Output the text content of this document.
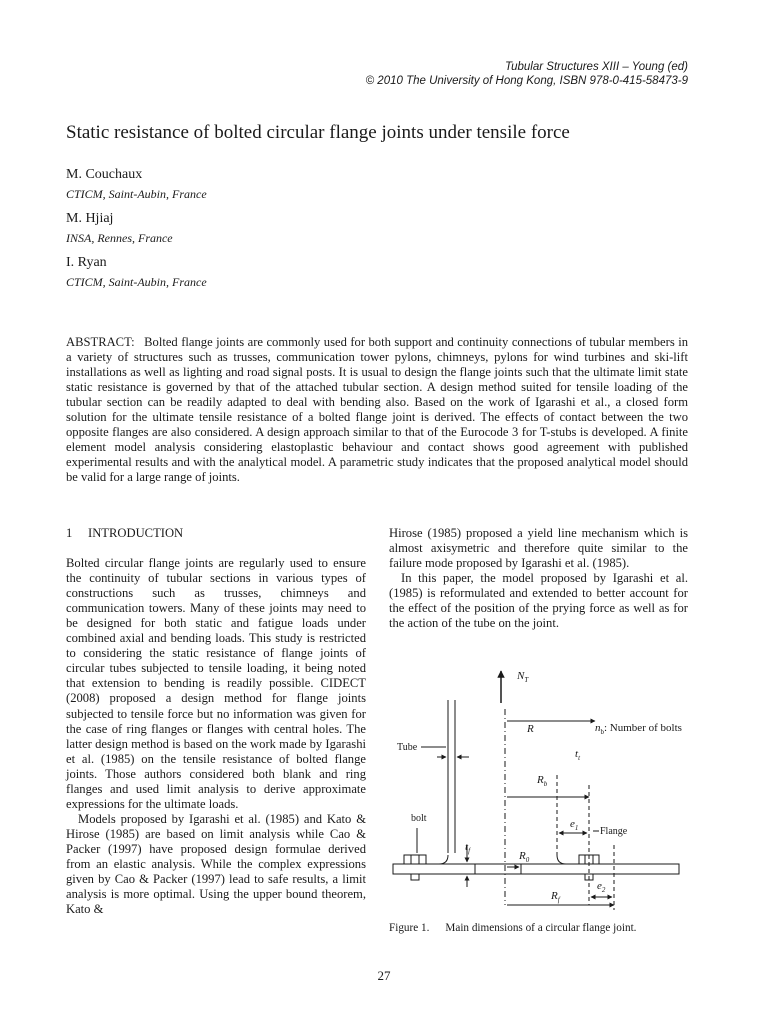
Tubular Structures XIII – Young (ed)
© 2010 The University of Hong Kong, ISBN 978-0-415-58473-9
Static resistance of bolted circular flange joints under tensile force
M. Couchaux
CTICM, Saint-Aubin, France
M. Hjiaj
INSA, Rennes, France
I. Ryan
CTICM, Saint-Aubin, France
ABSTRACT: Bolted flange joints are commonly used for both support and continuity connections of tubular members in a variety of structures such as trusses, communication tower pylons, chimneys, pylons for wind turbines and ski-lift installations as well as lighting and road signal posts. It is usual to design the flange joints such that the ultimate limit state static resistance is governed by that of the attached tubular section. A design method suited for tensile loading of the tubular section can be readily adapted to deal with bending also. Based on the work of Igarashi et al., a closed form solution for the ultimate tensile resistance of a bolted flange joint is derived. The effects of contact between the two opposite flanges are also considered. A design approach similar to that of the Eurocode 3 for T-stubs is developed. A finite element model analysis considering elastoplastic behaviour and contact shows good agreement with published experimental results and with the analytical model. A parametric study indicates that the proposed analytical model should be valid for a large range of joints.

1 INTRODUCTION

Bolted circular flange joints are regularly used to ensure the continuity of tubular sections in various types of constructions such as trusses, chimneys and communication towers. Many of these joints may need to be designed for both static and fatigue loads under combined axial and bending loads. This study is restricted to considering the static resistance of flange joints of circular tubes subjected to tensile loading, it being noted that extension to bending is readily possible. CIDECT (2008) proposed a design method for flange joints subjected to tensile force but no information was given for the case of ring flanges or flanges with central holes. The latter design method is based on the work made by Igarashi et al. (1985) on the tensile resistance of bolted flange joints. Those authors considered both blank and ring flanges and used limit analysis to derive approximate expressions for the ultimate loads.

Models proposed by Igarashi et al. (1985) and Kato & Hirose (1985) are based on limit analysis while Cao & Packer (1997) have proposed design formulae derived from an elastic analysis. While the complex expressions given by Cao & Packer (1997) lead to safe results, a limit analysis is more optimal. Using the upper bound theorem, Kato &

Hirose (1985) proposed a yield line mechanism which is almost axisymetric and therefore quite similar to the failure mode proposed by Igarashi et al. (1985).

In this paper, the model proposed by Igarashi et al. (1985) is reformulated and extended to better account for the effect of the position of the prying force as well as for the action of the tube on the joint.

$N_T$
R	$n_b$: Number of bolts
Tube
$t_t$
$R_b$
bolt	$e_1$ Flange
$t_f$	$R_0$
$e_2$
$R_f$
Figure 1. Main dimensions of a circular flange joint.
27
